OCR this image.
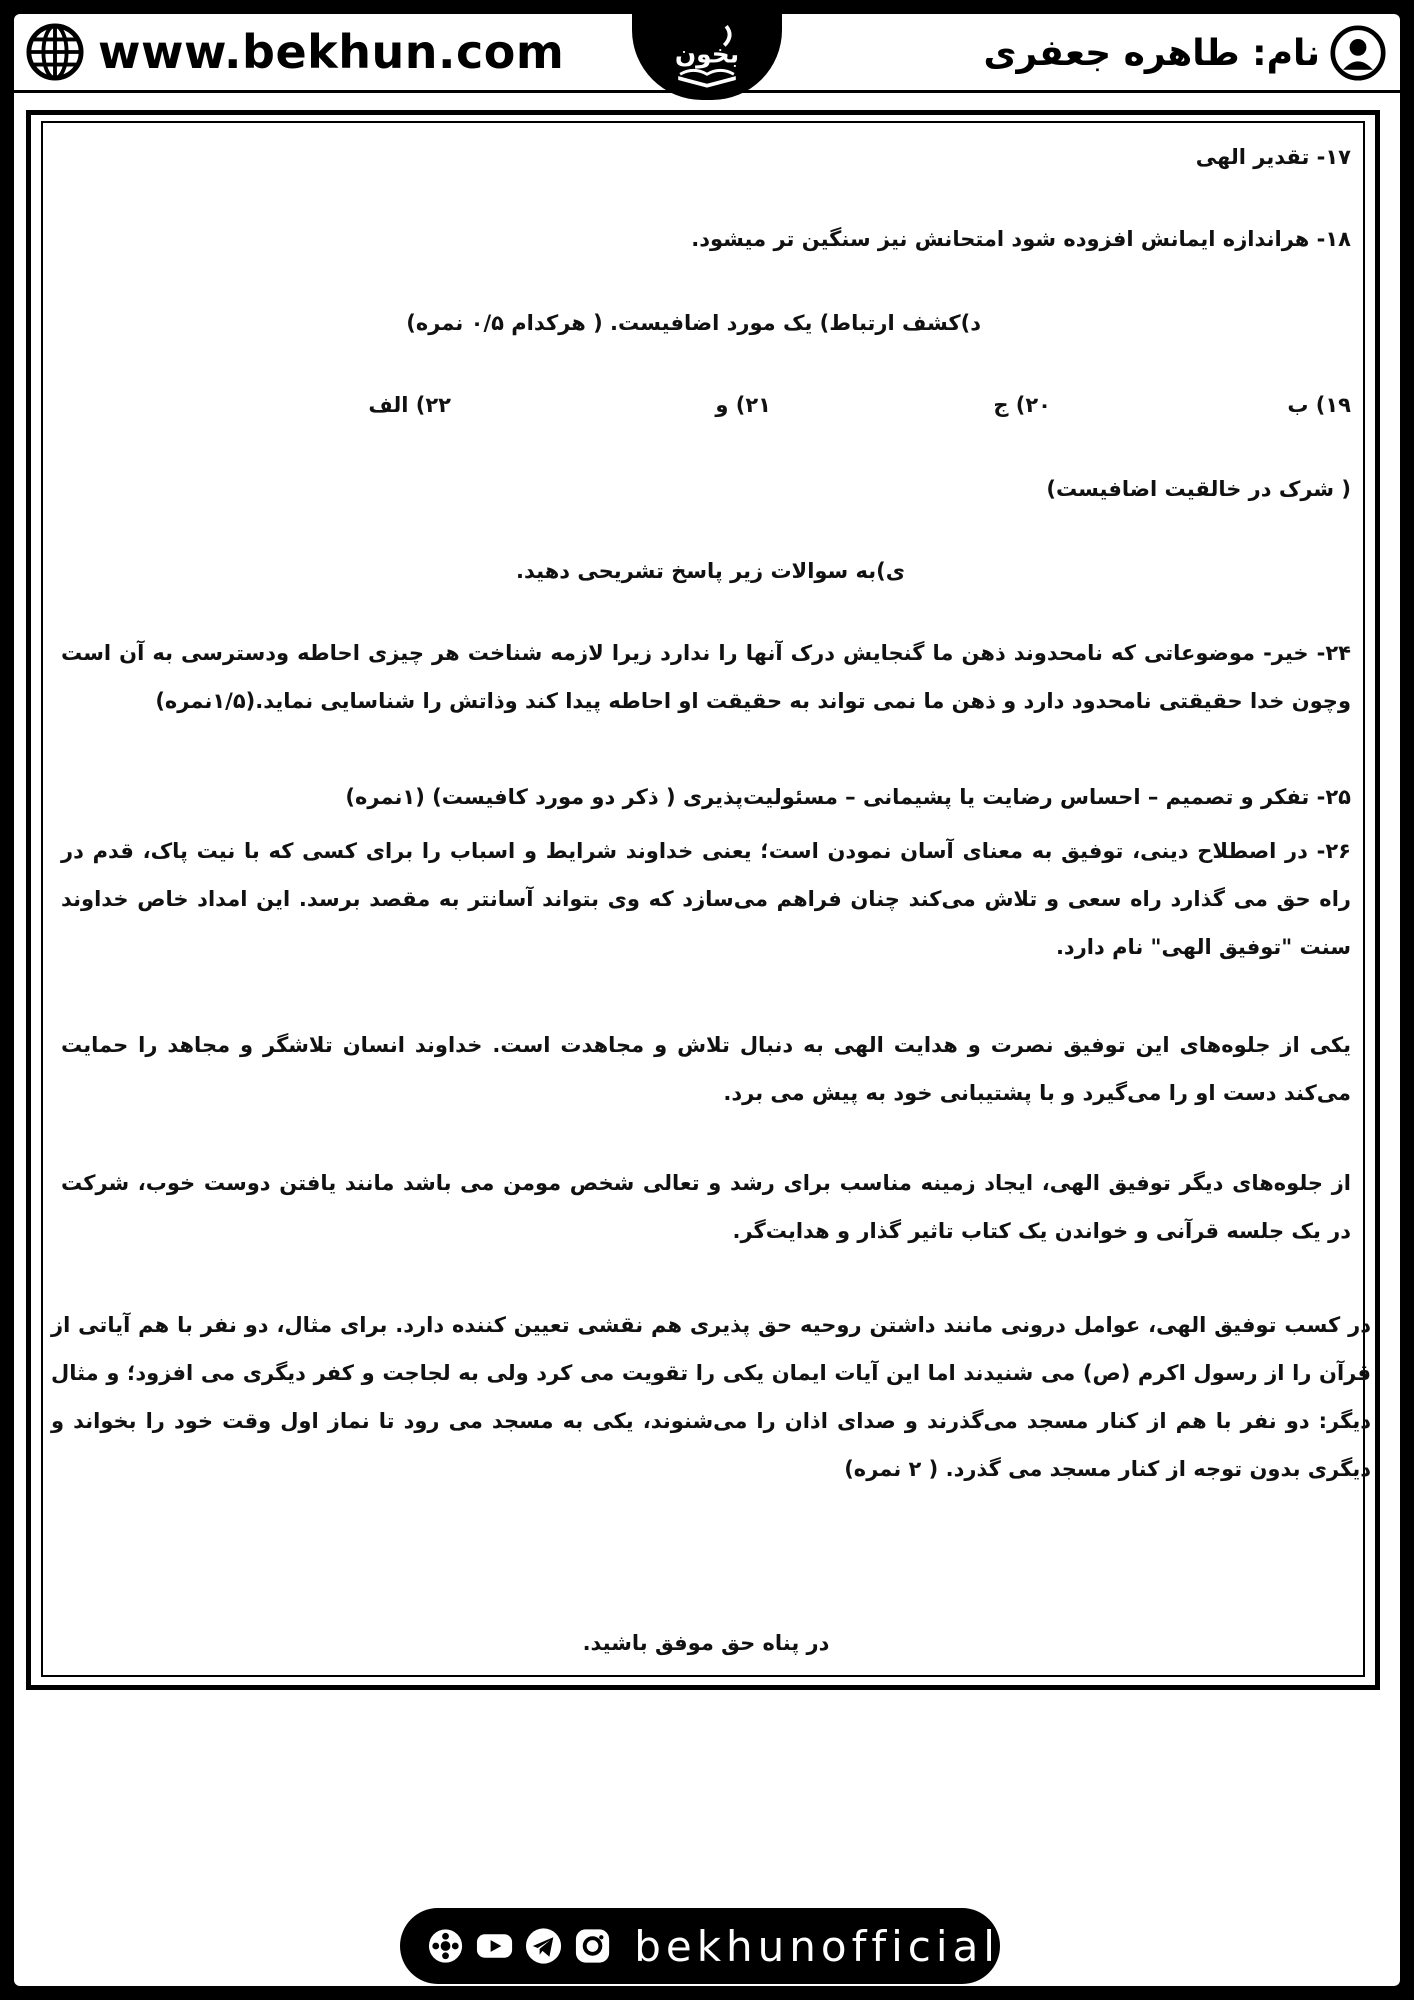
www.bekhun.com	بخون	نام: طاهره جعفری
۱۷- تقدیر الهی
۱۸- هراندازه ایمانش افزوده شود امتحانش نیز سنگین تر میشود.
د)کشف ارتباط) یک مورد اضافیست. ( هرکدام ۰/۵ نمره)
۱۹) ب
۲۰) ج
۲۱) و
۲۲) الف
( شرک در خالقیت اضافیست)
ی)به سوالات زیر پاسخ تشریحی دهید.
۲۴- خیر- موضوعاتی که نامحدوند ذهن ما گنجایش درک آنها را ندارد زیرا لازمه شناخت هر چیزی احاطه ودسترسی به آن است وچون خدا حقیقتی نامحدود دارد و ذهن ما نمی تواند به حقیقت او احاطه پیدا کند وذاتش را شناسایی نماید.(۱/۵نمره)
۲۵- تفکر و تصمیم – احساس رضایت یا پشیمانی – مسئولیت‌پذیری ( ذکر دو مورد کافیست) (۱نمره)
۲۶- در اصطلاح دینی، توفیق به معنای آسان نمودن است؛ یعنی خداوند شرایط و اسباب را برای کسی که با نیت پاک، قدم در راه حق می گذارد راه سعی و تلاش می‌کند چنان فراهم می‌سازد که وی بتواند آسانتر به مقصد برسد. این امداد خاص خداوند سنت "توفیق الهی" نام دارد.
یکی از جلوه‌های این توفیق نصرت و هدایت الهی به دنبال تلاش و مجاهدت است. خداوند انسان تلاشگر و مجاهد را حمایت می‌کند دست او را می‌گیرد و با پشتیبانی خود به پیش می برد.
از جلوه‌های دیگر توفیق الهی، ایجاد زمینه مناسب برای رشد و تعالی شخص مومن می باشد مانند یافتن دوست خوب، شرکت در یک جلسه قرآنی و خواندن یک کتاب تاثیر گذار و هدایت‌گر.
در کسب توفیق الهی، عوامل درونی مانند داشتن روحیه حق پذیری هم نقشی تعیین کننده دارد. برای مثال، دو نفر با هم آیاتی از قرآن را از رسول اکرم (ص) می شنیدند اما این آیات ایمان یکی را تقویت می کرد ولی به لجاجت و کفر دیگری می افزود؛ و مثال دیگر: دو نفر با هم از کنار مسجد می‌گذرند و صدای اذان را می‌شنوند، یکی به مسجد می رود تا نماز اول وقت خود را بخواند و دیگری بدون توجه از کنار مسجد می گذرد. ( ۲ نمره)
در پناه حق موفق باشید.
bekhunofficial
